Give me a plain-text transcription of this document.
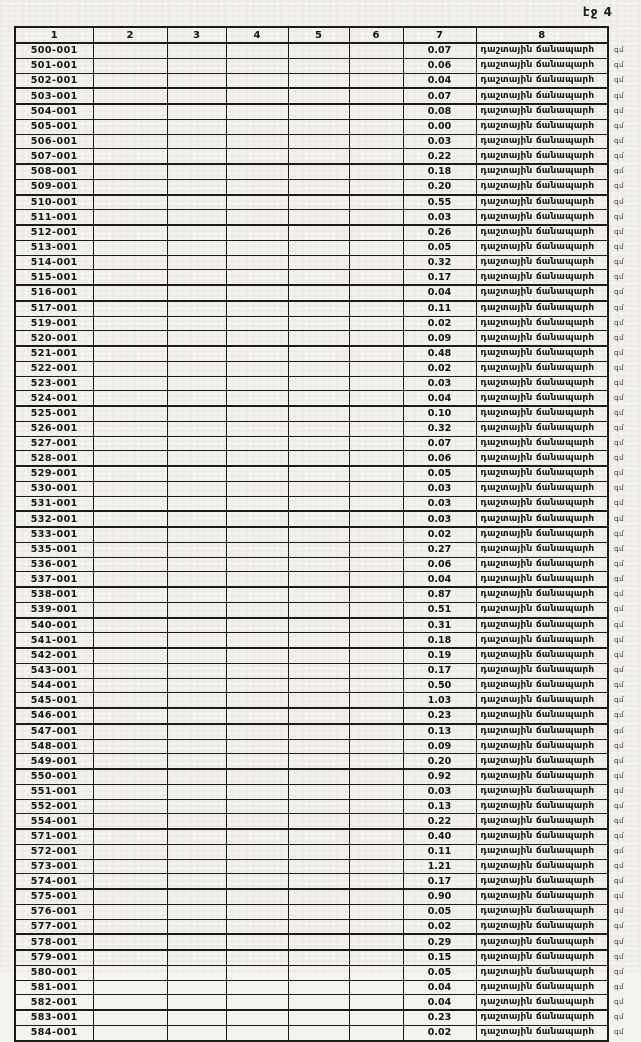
էջ 4
1	2	3	4	5	6	7	8	
500-001						0.07	դաշտային ճանապարհ	գմ
501-001						0.06	դաշտային ճանապարհ	գմ
502-001						0.04	դաշտային ճանապարհ	գմ
503-001						0.07	դաշտային ճանապարհ	գմ
504-001						0.08	դաշտային ճանապարհ	գմ
505-001						0.00	դաշտային ճանապարհ	գմ
506-001						0.03	դաշտային ճանապարհ	գմ
507-001						0.22	դաշտային ճանապարհ	գմ
508-001						0.18	դաշտային ճանապարհ	գմ
509-001						0.20	դաշտային ճանապարհ	գմ
510-001						0.55	դաշտային ճանապարհ	գմ
511-001						0.03	դաշտային ճանապարհ	գմ
512-001						0.26	դաշտային ճանապարհ	գմ
513-001						0.05	դաշտային ճանապարհ	գմ
514-001						0.32	դաշտային ճանապարհ	գմ
515-001						0.17	դաշտային ճանապարհ	գմ
516-001						0.04	դաշտային ճանապարհ	գմ
517-001						0.11	դաշտային ճանապարհ	գմ
519-001						0.02	դաշտային ճանապարհ	գմ
520-001						0.09	դաշտային ճանապարհ	գմ
521-001						0.48	դաշտային ճանապարհ	գմ
522-001						0.02	դաշտային ճանապարհ	գմ
523-001						0.03	դաշտային ճանապարհ	գմ
524-001						0.04	դաշտային ճանապարհ	գմ
525-001						0.10	դաշտային ճանապարհ	գմ
526-001						0.32	դաշտային ճանապարհ	գմ
527-001						0.07	դաշտային ճանապարհ	գմ
528-001						0.06	դաշտային ճանապարհ	գմ
529-001						0.05	դաշտային ճանապարհ	գմ
530-001						0.03	դաշտային ճանապարհ	գմ
531-001						0.03	դաշտային ճանապարհ	գմ
532-001						0.03	դաշտային ճանապարհ	գմ
533-001						0.02	դաշտային ճանապարհ	գմ
535-001						0.27	դաշտային ճանապարհ	գմ
536-001						0.06	դաշտային ճանապարհ	գմ
537-001						0.04	դաշտային ճանապարհ	գմ
538-001						0.87	դաշտային ճանապարհ	գմ
539-001						0.51	դաշտային ճանապարհ	գմ
540-001						0.31	դաշտային ճանապարհ	գմ
541-001						0.18	դաշտային ճանապարհ	գմ
542-001						0.19	դաշտային ճանապարհ	գմ
543-001						0.17	դաշտային ճանապարհ	գմ
544-001						0.50	դաշտային ճանապարհ	գմ
545-001						1.03	դաշտային ճանապարհ	գմ
546-001						0.23	դաշտային ճանապարհ	գմ
547-001						0.13	դաշտային ճանապարհ	գմ
548-001						0.09	դաշտային ճանապարհ	գմ
549-001						0.20	դաշտային ճանապարհ	գմ
550-001						0.92	դաշտային ճանապարհ	գմ
551-001						0.03	դաշտային ճանապարհ	գմ
552-001						0.13	դաշտային ճանապարհ	գմ
554-001						0.22	դաշտային ճանապարհ	գմ
571-001						0.40	դաշտային ճանապարհ	գմ
572-001						0.11	դաշտային ճանապարհ	գմ
573-001						1.21	դաշտային ճանապարհ	գմ
574-001						0.17	դաշտային ճանապարհ	գմ
575-001						0.90	դաշտային ճանապարհ	գմ
576-001						0.05	դաշտային ճանապարհ	գմ
577-001						0.02	դաշտային ճանապարհ	գմ
578-001						0.29	դաշտային ճանապարհ	գմ
579-001						0.15	դաշտային ճանապարհ	գմ
580-001						0.05	դաշտային ճանապարհ	գմ
581-001						0.04	դաշտային ճանապարհ	գմ
582-001						0.04	դաշտային ճանապարհ	գմ
583-001						0.23	դաշտային ճանապարհ	գմ
584-001						0.02	դաշտային ճանապարհ	գմ
